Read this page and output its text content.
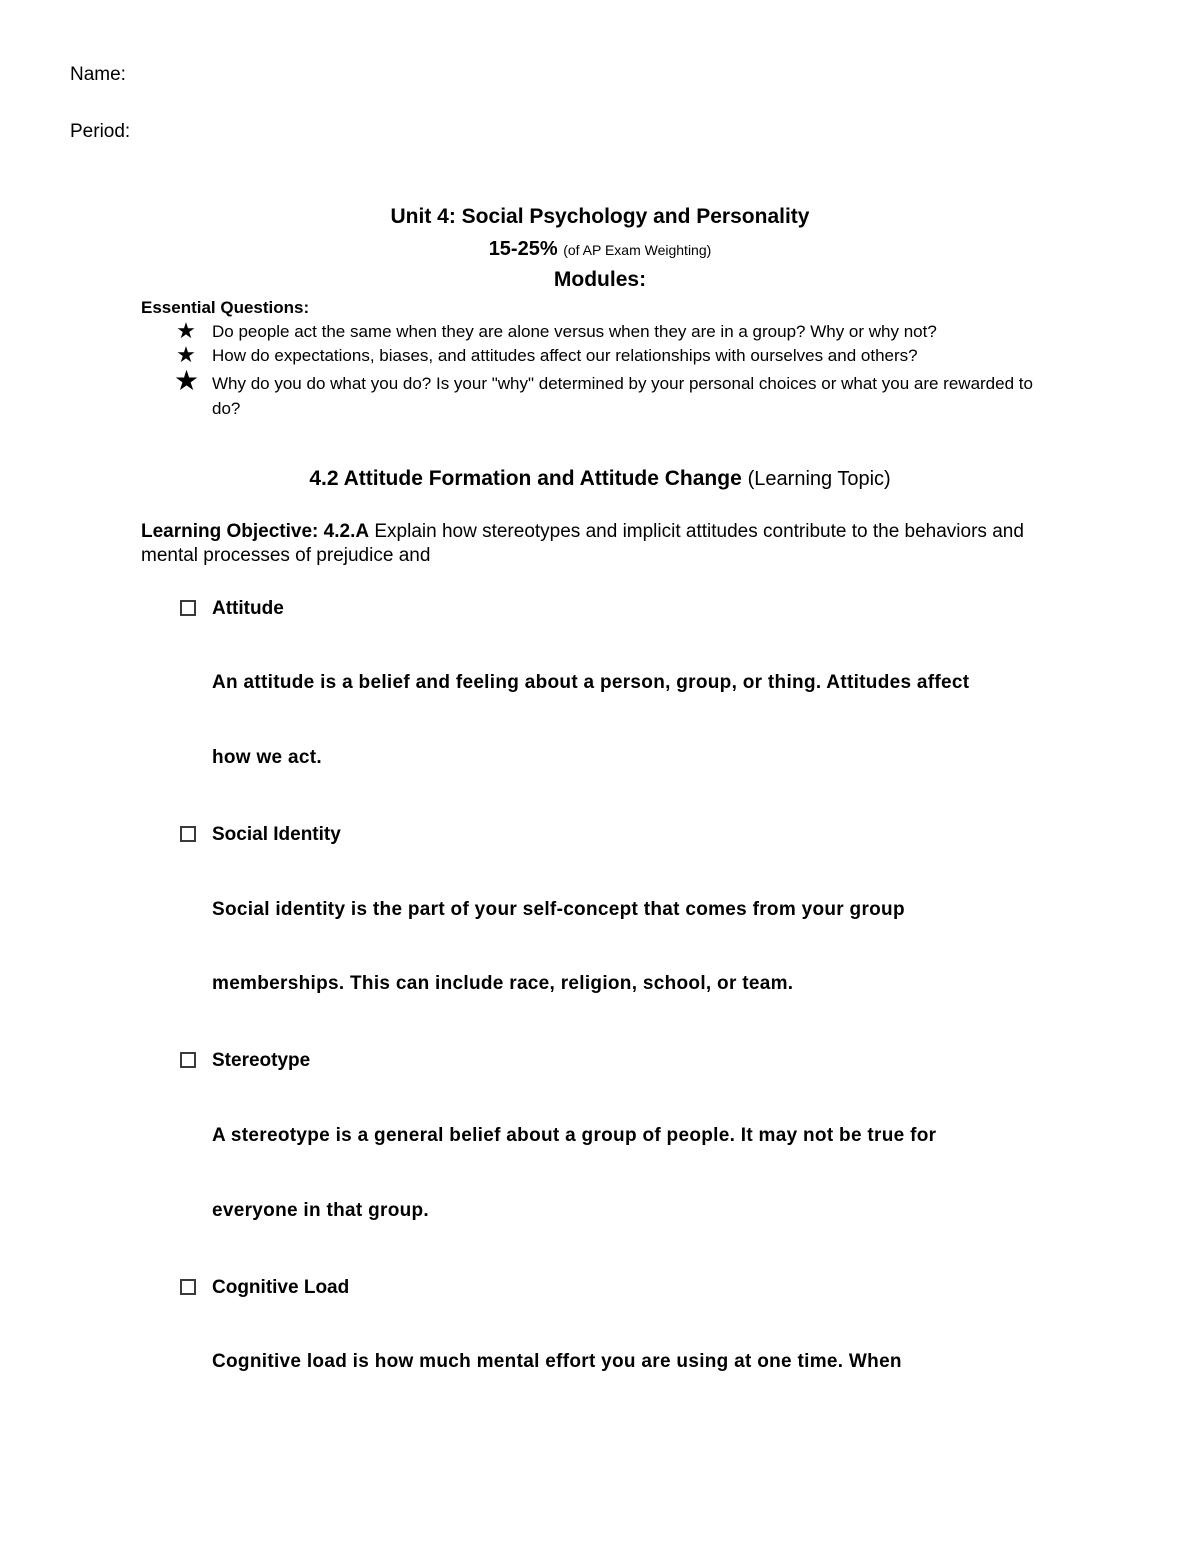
Name:
Period:
Unit 4: Social Psychology and Personality
15-25% (of AP Exam Weighting)
Modules:
Essential Questions:
★ Do people act the same when they are alone versus when they are in a group? Why or why not?
★ How do expectations, biases, and attitudes affect our relationships with ourselves and others?
★ Why do you do what you do? Is your "why" determined by your personal choices or what you are rewarded to do?
4.2 Attitude Formation and Attitude Change (Learning Topic)
Learning Objective: 4.2.A Explain how stereotypes and implicit attitudes contribute to the behaviors and mental processes of prejudice and
Attitude
An attitude is a belief and feeling about a person, group, or thing. Attitudes affect
how we act.
Social Identity
Social identity is the part of your self-concept that comes from your group
memberships. This can include race, religion, school, or team.
Stereotype
A stereotype is a general belief about a group of people. It may not be true for
everyone in that group.
Cognitive Load
Cognitive load is how much mental effort you are using at one time. When
